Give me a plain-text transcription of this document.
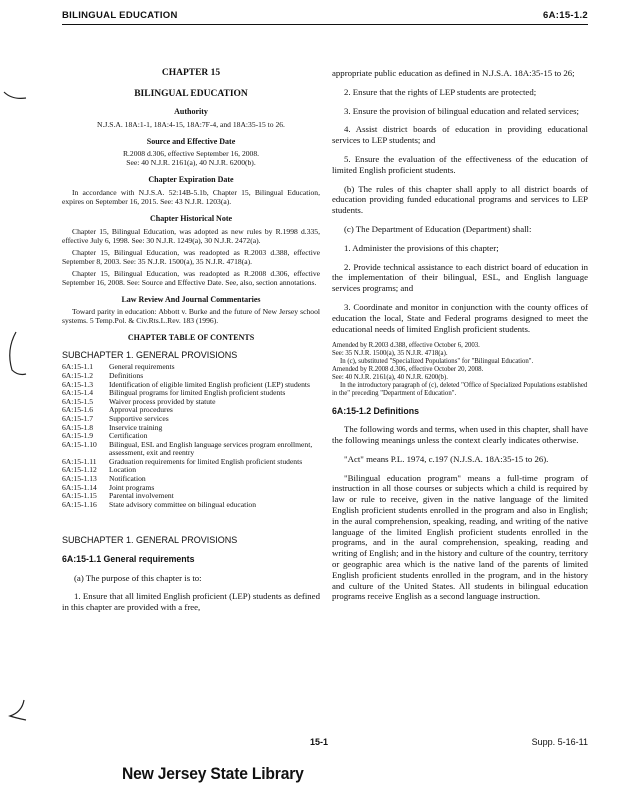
BILINGUAL EDUCATION	6A:15-1.2
CHAPTER 15
BILINGUAL EDUCATION
Authority
N.J.S.A. 18A:1-1, 18A:4-15, 18A:7F-4, and 18A:35-15 to 26.
Source and Effective Date
R.2008 d.306, effective September 16, 2008.
See: 40 N.J.R. 2161(a), 40 N.J.R. 6200(b).
Chapter Expiration Date
In accordance with N.J.S.A. 52:14B-5.1b, Chapter 15, Bilingual Education, expires on September 16, 2015. See: 43 N.J.R. 1203(a).
Chapter Historical Note
Chapter 15, Bilingual Education, was adopted as new rules by R.1998 d.335, effective July 6, 1998. See: 30 N.J.R. 1249(a), 30 N.J.R. 2472(a).
Chapter 15, Bilingual Education, was readopted as R.2003 d.388, effective September 8, 2003. See: 35 N.J.R. 1500(a), 35 N.J.R. 4718(a).
Chapter 15, Bilingual Education, was readopted as R.2008 d.306, effective September 16, 2008. See: Source and Effective Date. See, also, section annotations.
Law Review And Journal Commentaries
Toward parity in education: Abbott v. Burke and the future of New Jersey school systems. 5 Temp.Pol. & Civ.Rts.L.Rev. 183 (1996).
CHAPTER TABLE OF CONTENTS
SUBCHAPTER 1. GENERAL PROVISIONS
6A:15-1.1	General requirements
6A:15-1.2	Definitions
6A:15-1.3	Identification of eligible limited English proficient (LEP) students
6A:15-1.4	Bilingual programs for limited English proficient students
6A:15-1.5	Waiver process provided by statute
6A:15-1.6	Approval procedures
6A:15-1.7	Supportive services
6A:15-1.8	Inservice training
6A:15-1.9	Certification
6A:15-1.10	Bilingual, ESL and English language services program enrollment, assessment, exit and reentry
6A:15-1.11	Graduation requirements for limited English proficient students
6A:15-1.12	Location
6A:15-1.13	Notification
6A:15-1.14	Joint programs
6A:15-1.15	Parental involvement
6A:15-1.16	State advisory committee on bilingual education
SUBCHAPTER 1. GENERAL PROVISIONS
6A:15-1.1 General requirements
(a) The purpose of this chapter is to:
1. Ensure that all limited English proficient (LEP) students as defined in this chapter are provided with a free,
appropriate public education as defined in N.J.S.A. 18A:35-15 to 26;
2. Ensure that the rights of LEP students are protected;
3. Ensure the provision of bilingual education and related services;
4. Assist district boards of education in providing educational services to LEP students; and
5. Ensure the evaluation of the effectiveness of the education of limited English proficient students.
(b) The rules of this chapter shall apply to all district boards of education providing funded educational programs and services to LEP students.
(c) The Department of Education (Department) shall:
1. Administer the provisions of this chapter;
2. Provide technical assistance to each district board of education in the implementation of their bilingual, ESL, and English language services programs; and
3. Coordinate and monitor in conjunction with the county offices of education the local, State and Federal programs designed to meet the educational needs of limited English proficient students.
Amended by R.2003 d.388, effective October 6, 2003.
See: 35 N.J.R. 1500(a), 35 N.J.R. 4718(a).
In (c), substituted "Specialized Populations" for "Bilingual Education".
Amended by R.2008 d.306, effective October 20, 2008.
See: 40 N.J.R. 2161(a), 40 N.J.R. 6200(b).
In the introductory paragraph of (c), deleted "Office of Specialized Populations established in the" preceding "Department of Education".
6A:15-1.2 Definitions
The following words and terms, when used in this chapter, shall have the following meanings unless the context clearly indicates otherwise.
"Act" means P.L. 1974, c.197 (N.J.S.A. 18A:35-15 to 26).
"Bilingual education program" means a full-time program of instruction in all those courses or subjects which a child is required by law or rule to receive, given in the native language of the limited English proficient students enrolled in the program and also in English; in the aural comprehension, speaking, reading, and writing of the native language of the limited English proficient students enrolled in the programs, and in the aural comprehension, speaking, reading and writing of English; and in the history and culture of the country, territory or geographic area which is the native land of the parents of limited English proficient students enrolled in the program, and in the history and culture of the United States. All students in bilingual education programs receive English as a second language instruction.
15-1	Supp. 5-16-11
New Jersey State Library
